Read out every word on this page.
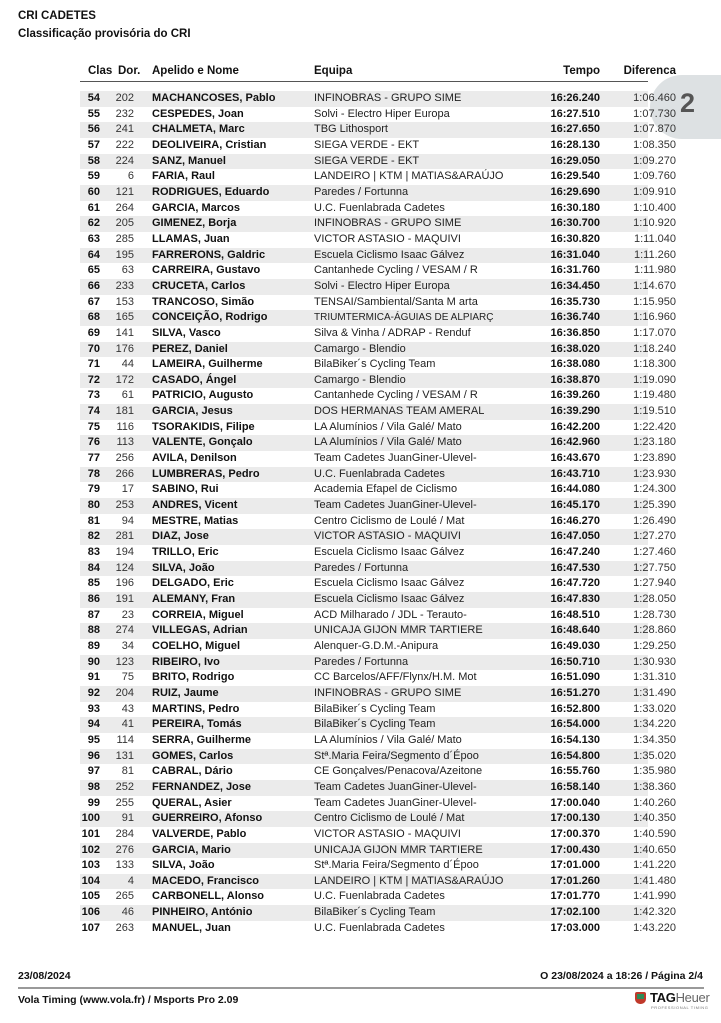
CRI CADETES
Classificação provisória do CRI
Clas Dor.	Apelido e Nome	Equipa	Tempo	Diferenca
2
54	202 MACHANCOSES, Pablo	INFINOBRAS - GRUPO SIME	16:26.240	1:06.460
55	232 CESPEDES, Joan	Solvi - Electro Hiper Europa	16:27.510	1:07.730
56	241 CHALMETA, Marc	TBG Lithosport	16:27.650	1:07.870
57	222 DEOLIVEIRA, Cristian	SIEGA VERDE - EKT	16:28.130	1:08.350
58	224 SANZ, Manuel	SIEGA VERDE - EKT	16:29.050	1:09.270
59	6 FARIA, Raul	LANDEIRO | KTM | MATIAS&ARAÚJO	16:29.540	1:09.760
60	121 RODRIGUES, Eduardo	Paredes / Fortunna	16:29.690	1:09.910
61	264 GARCIA, Marcos	U.C. Fuenlabrada Cadetes	16:30.180	1:10.400
62	205 GIMENEZ, Borja	INFINOBRAS - GRUPO SIME	16:30.700	1:10.920
63	285 LLAMAS, Juan	VICTOR ASTASIO - MAQUIVI	16:30.820	1:11.040
64	195 FARRERONS, Galdric	Escuela Ciclismo Isaac Gálvez	16:31.040	1:11.260
65	63 CARREIRA, Gustavo	Cantanhede Cycling / VESAM / R	16:31.760	1:11.980
66	233 CRUCETA, Carlos	Solvi - Electro Hiper Europa	16:34.450	1:14.670
67	153 TRANCOSO, Simão	TENSAI/Sambiental/Santa M arta	16:35.730	1:15.950
68	165 CONCEIÇÃO, Rodrigo	TRIUMTERMICA-ÁGUIAS DE ALPIARÇ	16:36.740	1:16.960
69	141 SILVA, Vasco	Silva & Vinha / ADRAP - Renduf	16:36.850	1:17.070
70	176 PEREZ, Daniel	Camargo - Blendio	16:38.020	1:18.240
71	44 LAMEIRA, Guilherme	BilaBiker´s Cycling Team	16:38.080	1:18.300
72	172 CASADO, Ángel	Camargo - Blendio	16:38.870	1:19.090
73	61 PATRICIO, Augusto	Cantanhede Cycling / VESAM / R	16:39.260	1:19.480
74	181 GARCIA, Jesus	DOS HERMANAS TEAM AMERAL	16:39.290	1:19.510
75	116 TSORAKIDIS, Filipe	LA Alumínios / Vila Galé/ Mato	16:42.200	1:22.420
76	113 VALENTE, Gonçalo	LA Alumínios / Vila Galé/ Mato	16:42.960	1:23.180
77	256 AVILA, Denilson	Team Cadetes JuanGiner-Ulevel-	16:43.670	1:23.890
78	266 LUMBRERAS, Pedro	U.C. Fuenlabrada Cadetes	16:43.710	1:23.930
79	17 SABINO, Rui	Academia Efapel de Ciclismo	16:44.080	1:24.300
80	253 ANDRES, Vicent	Team Cadetes JuanGiner-Ulevel-	16:45.170	1:25.390
81	94 MESTRE, Matias	Centro Ciclismo de Loulé / Mat	16:46.270	1:26.490
82	281 DIAZ, Jose	VICTOR ASTASIO - MAQUIVI	16:47.050	1:27.270
83	194 TRILLO, Eric	Escuela Ciclismo Isaac Gálvez	16:47.240	1:27.460
84	124 SILVA, João	Paredes / Fortunna	16:47.530	1:27.750
85	196 DELGADO, Eric	Escuela Ciclismo Isaac Gálvez	16:47.720	1:27.940
86	191 ALEMANY, Fran	Escuela Ciclismo Isaac Gálvez	16:47.830	1:28.050
87	23 CORREIA, Miguel	ACD Milharado / JDL - Terauto-	16:48.510	1:28.730
88	274 VILLEGAS, Adrian	UNICAJA GIJON MMR TARTIERE	16:48.640	1:28.860
89	34 COELHO, Miguel	Alenquer-G.D.M.-Anipura	16:49.030	1:29.250
90	123 RIBEIRO, Ivo	Paredes / Fortunna	16:50.710	1:30.930
91	75 BRITO, Rodrigo	CC Barcelos/AFF/Flynx/H.M. Mot	16:51.090	1:31.310
92	204 RUIZ, Jaume	INFINOBRAS - GRUPO SIME	16:51.270	1:31.490
93	43 MARTINS, Pedro	BilaBiker´s Cycling Team	16:52.800	1:33.020
94	41 PEREIRA, Tomás	BilaBiker´s Cycling Team	16:54.000	1:34.220
95	114 SERRA, Guilherme	LA Alumínios / Vila Galé/ Mato	16:54.130	1:34.350
96	131 GOMES, Carlos	Stª.Maria Feira/Segmento d´Époo	16:54.800	1:35.020
97	81 CABRAL, Dário	CE Gonçalves/Penacova/Azeitone	16:55.760	1:35.980
98	252 FERNANDEZ, Jose	Team Cadetes JuanGiner-Ulevel-	16:58.140	1:38.360
99	255 QUERAL, Asier	Team Cadetes JuanGiner-Ulevel-	17:00.040	1:40.260
100	91 GUERREIRO, Afonso	Centro Ciclismo de Loulé / Mat	17:00.130	1:40.350
101	284 VALVERDE, Pablo	VICTOR ASTASIO - MAQUIVI	17:00.370	1:40.590
102	276 GARCIA, Mario	UNICAJA GIJON MMR TARTIERE	17:00.430	1:40.650
103	133 SILVA, João	Stª.Maria Feira/Segmento d´Époo	17:01.000	1:41.220
104	4 MACEDO, Francisco	LANDEIRO | KTM | MATIAS&ARAÚJO	17:01.260	1:41.480
105	265 CARBONELL, Alonso	U.C. Fuenlabrada Cadetes	17:01.770	1:41.990
106	46 PINHEIRO, António	BilaBiker´s Cycling Team	17:02.100	1:42.320
107	263 MANUEL, Juan	U.C. Fuenlabrada Cadetes	17:03.000	1:43.220
23/08/2024	O 23/08/2024 a 18:26 / Página 2/4
Vola Timing (www.vola.fr) / Msports Pro 2.09	TAGHeuer
PROFESSIONAL TIMING
